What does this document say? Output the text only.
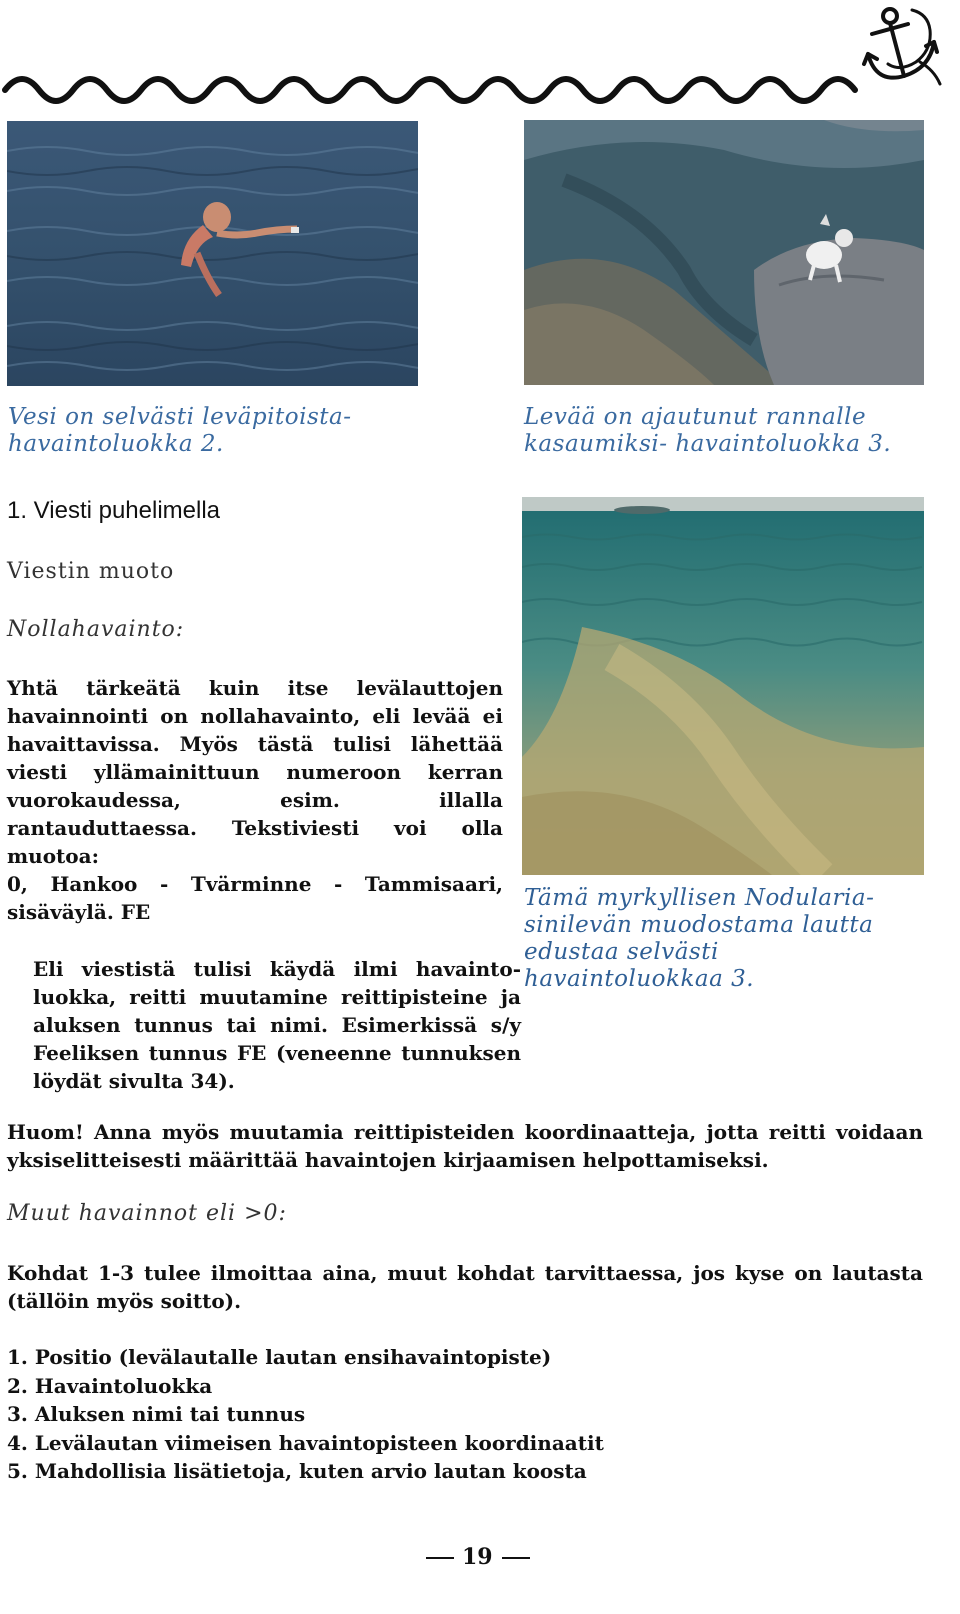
Vesi on selvästi leväpitoista- havaintoluokka 2.
Levää on ajautunut rannalle kasaumiksi- havaintoluokka 3.
Tämä myrkyllisen Nodularia-sinilevän muodostama lautta edustaa selvästi havaintoluokkaa 3.
1. Viesti puhelimella
Viestin muoto
Nollahavainto:
Yhtä tärkeätä kuin itse levälauttojen havainnointi on nollahavainto, eli levää ei havaittavissa. Myös tästä tulisi lähettää viesti yllämainittuun numeroon kerran vuorokaudessa, esim. illalla rantauduttaessa. Tekstiviesti voi olla muotoa:
0, Hankoo - Tvärminne - Tammisaari, sisäväylä. FE
Eli viestistä tulisi käydä ilmi havainto-luokka, reitti muutamine reittipisteine ja aluksen tunnus tai nimi. Esimerkissä s/y Feeliksen tunnus FE (veneenne tunnuksen löydät sivulta 34).
Huom! Anna myös muutamia reittipisteiden koordinaatteja, jotta reitti voidaan yksiselitteisesti määrittää havaintojen kirjaamisen helpottamiseksi.
Muut havainnot eli >0:
Kohdat 1-3 tulee ilmoittaa aina, muut kohdat tarvittaessa, jos kyse on lautasta (tällöin myös soitto).
1. Positio (levälautalle lautan ensihavaintopiste)
2. Havaintoluokka
3. Aluksen nimi tai tunnus
4. Levälautan viimeisen havaintopisteen koordinaatit
5. Mahdollisia lisätietoja, kuten arvio lautan koosta
19
